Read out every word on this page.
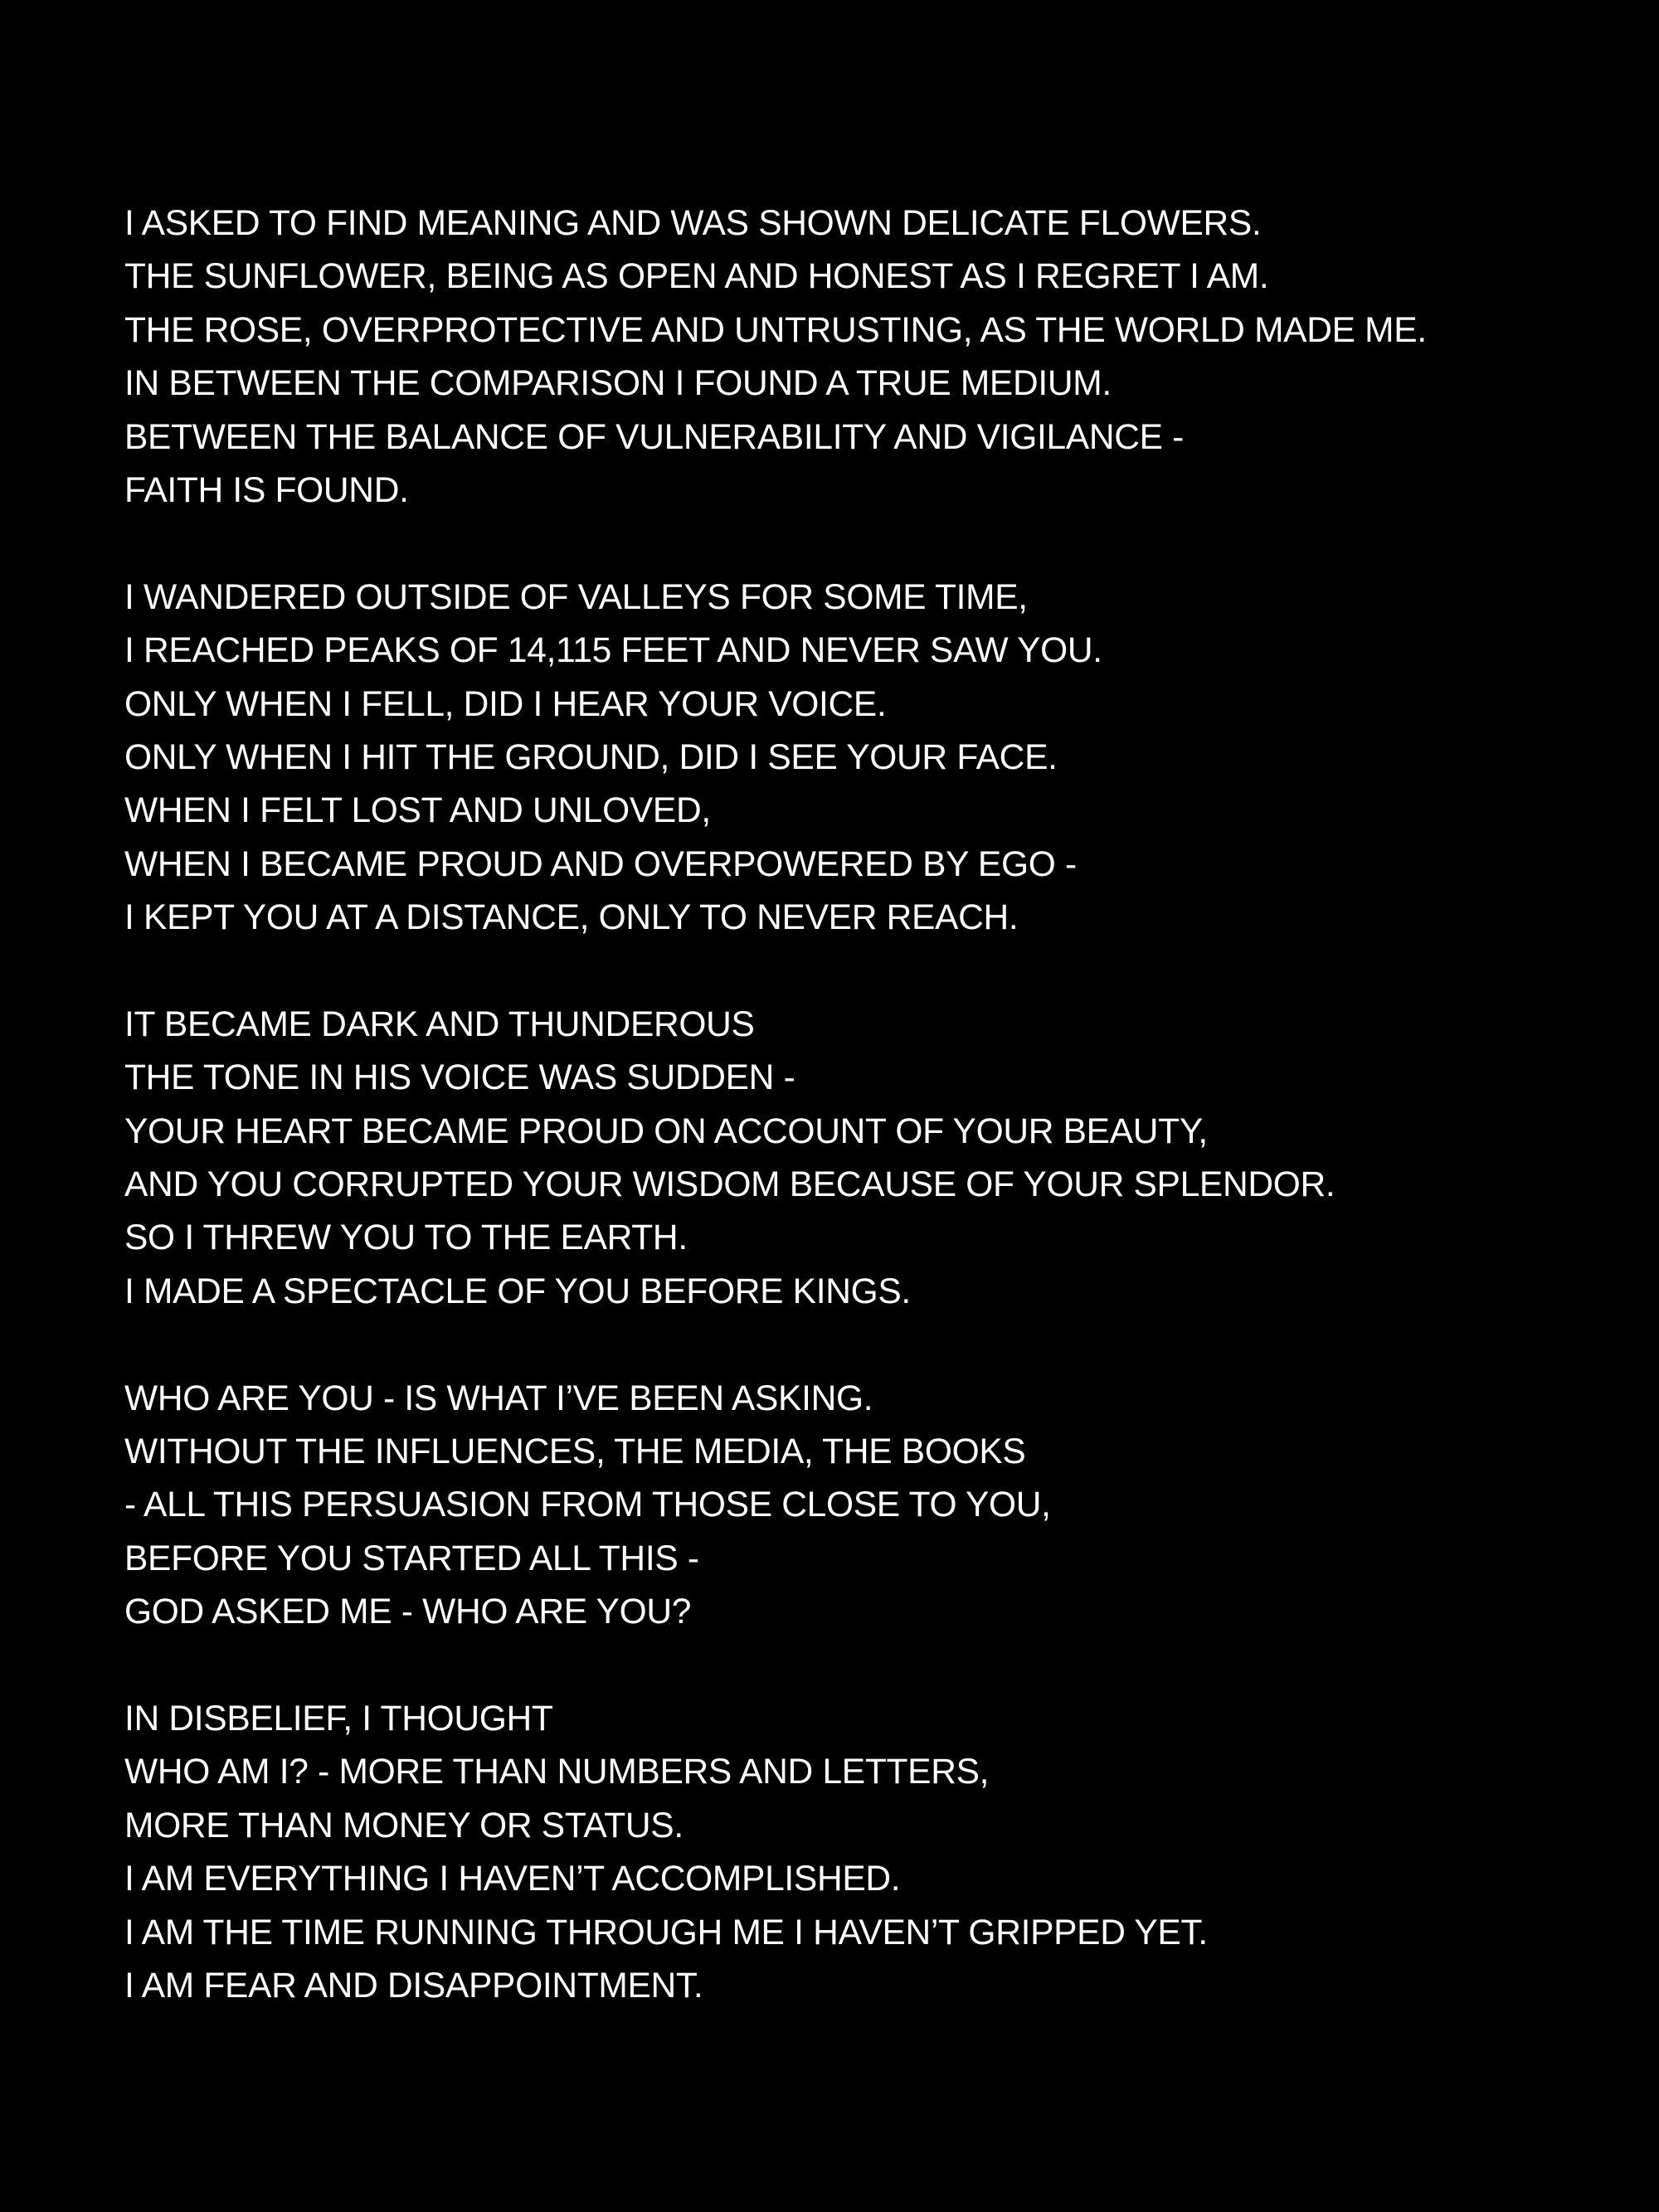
I ASKED TO FIND MEANING AND WAS SHOWN DELICATE FLOWERS.
THE SUNFLOWER, BEING AS OPEN AND HONEST AS I REGRET I AM.
THE ROSE, OVERPROTECTIVE AND UNTRUSTING, AS THE WORLD MADE ME.
IN BETWEEN THE COMPARISON I FOUND A TRUE MEDIUM.
BETWEEN THE BALANCE OF VULNERABILITY AND VIGILANCE -
FAITH IS FOUND.
I WANDERED OUTSIDE OF VALLEYS FOR SOME TIME,
I REACHED PEAKS OF 14,115 FEET AND NEVER SAW YOU.
ONLY WHEN I FELL, DID I HEAR YOUR VOICE.
ONLY WHEN I HIT THE GROUND, DID I SEE YOUR FACE.
WHEN I FELT LOST AND UNLOVED,
WHEN I BECAME PROUD AND OVERPOWERED BY EGO -
I KEPT YOU AT A DISTANCE, ONLY TO NEVER REACH.
IT BECAME DARK AND THUNDEROUS
THE TONE IN HIS VOICE WAS SUDDEN -
YOUR HEART BECAME PROUD ON ACCOUNT OF YOUR BEAUTY,
AND YOU CORRUPTED YOUR WISDOM BECAUSE OF YOUR SPLENDOR.
SO I THREW YOU TO THE EARTH.
I MADE A SPECTACLE OF YOU BEFORE KINGS.
WHO ARE YOU - IS WHAT I’VE BEEN ASKING.
WITHOUT THE INFLUENCES, THE MEDIA, THE BOOKS
- ALL THIS PERSUASION FROM THOSE CLOSE TO YOU,
BEFORE YOU STARTED ALL THIS -
GOD ASKED ME - WHO ARE YOU?
IN DISBELIEF, I THOUGHT
WHO AM I? - MORE THAN NUMBERS AND LETTERS,
MORE THAN MONEY OR STATUS.
I AM EVERYTHING I HAVEN’T ACCOMPLISHED.
I AM THE TIME RUNNING THROUGH ME I HAVEN’T GRIPPED YET.
I AM FEAR AND DISAPPOINTMENT.
